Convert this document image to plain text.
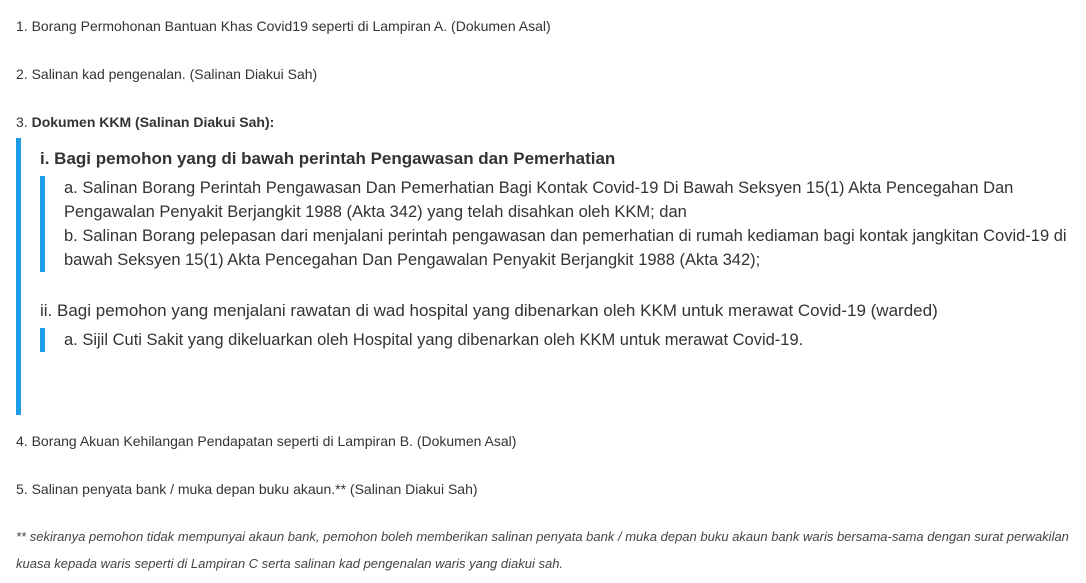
1. Borang Permohonan Bantuan Khas Covid19 seperti di Lampiran A. (Dokumen Asal)

2. Salinan kad pengenalan. (Salinan Diakui Sah)

3. Dokumen KKM (Salinan Diakui Sah):

i. Bagi pemohon yang di bawah perintah Pengawasan dan Pemerhatian

a. Salinan Borang Perintah Pengawasan Dan Pemerhatian Bagi Kontak Covid-19 Di Bawah Seksyen 15(1) Akta Pencegahan Dan Pengawalan Penyakit Berjangkit 1988 (Akta 342) yang telah disahkan oleh KKM; dan

b. Salinan Borang pelepasan dari menjalani perintah pengawasan dan pemerhatian di rumah kediaman bagi kontak jangkitan Covid-19 di bawah Seksyen 15(1) Akta Pencegahan Dan Pengawalan Penyakit Berjangkit 1988 (Akta 342);

ii. Bagi pemohon yang menjalani rawatan di wad hospital yang dibenarkan oleh KKM untuk merawat Covid-19 (warded)

a. Sijil Cuti Sakit yang dikeluarkan oleh Hospital yang dibenarkan oleh KKM untuk merawat Covid-19.

4. Borang Akuan Kehilangan Pendapatan seperti di Lampiran B. (Dokumen Asal)

5. Salinan penyata bank / muka depan buku akaun.** (Salinan Diakui Sah)

** sekiranya pemohon tidak mempunyai akaun bank, pemohon boleh memberikan salinan penyata bank / muka depan buku akaun bank waris bersama-sama dengan surat perwakilan kuasa kepada waris seperti di Lampiran C serta salinan kad pengenalan waris yang diakui sah.
